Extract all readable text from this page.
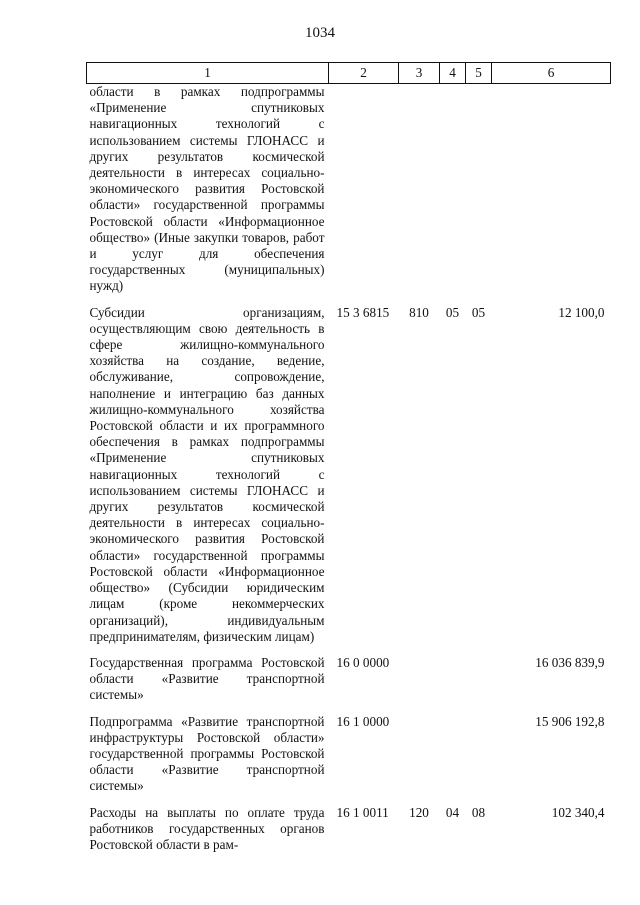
1034
1	2	3	4	5	6
области в рамках подпрограммы «Применение спутниковых навигационных технологий с использованием системы ГЛОНАСС и других результатов космической деятельности в интересах социально-экономического развития Ростовской области» государственной программы Ростовской области «Информационное общество» (Иные закупки товаров, работ и услуг для обеспечения государственных (муниципальных) нужд)					

Субсидии организациям, осуществляющим свою деятельность в сфере жилищно-коммунального хозяйства на создание, ведение, обслуживание, сопровождение, наполнение и интеграцию баз данных жилищно-коммунального хозяйства Ростовской области и их программного обеспечения в рамках подпрограммы «Применение спутниковых навигационных технологий с использованием системы ГЛОНАСС и других результатов космической деятельности в интересах социально-экономического развития Ростовской области» государственной программы Ростовской области «Информационное общество» (Субсидии юридическим лицам (кроме некоммерческих организаций), индивидуальным предпринимателям, физическим лицам)	15 3 6815	810	05	05	12 100,0

Государственная программа Ростовской области «Развитие транспортной системы»	16 0 0000				16 036 839,9

Подпрограмма «Развитие транспортной инфраструктуры Ростовской области» государственной программы Ростовской области «Развитие транспортной системы»	16 1 0000				15 906 192,8

Расходы на выплаты по оплате труда работников государственных органов Ростовской области в рам-	16 1 0011	120	04	08	102 340,4
